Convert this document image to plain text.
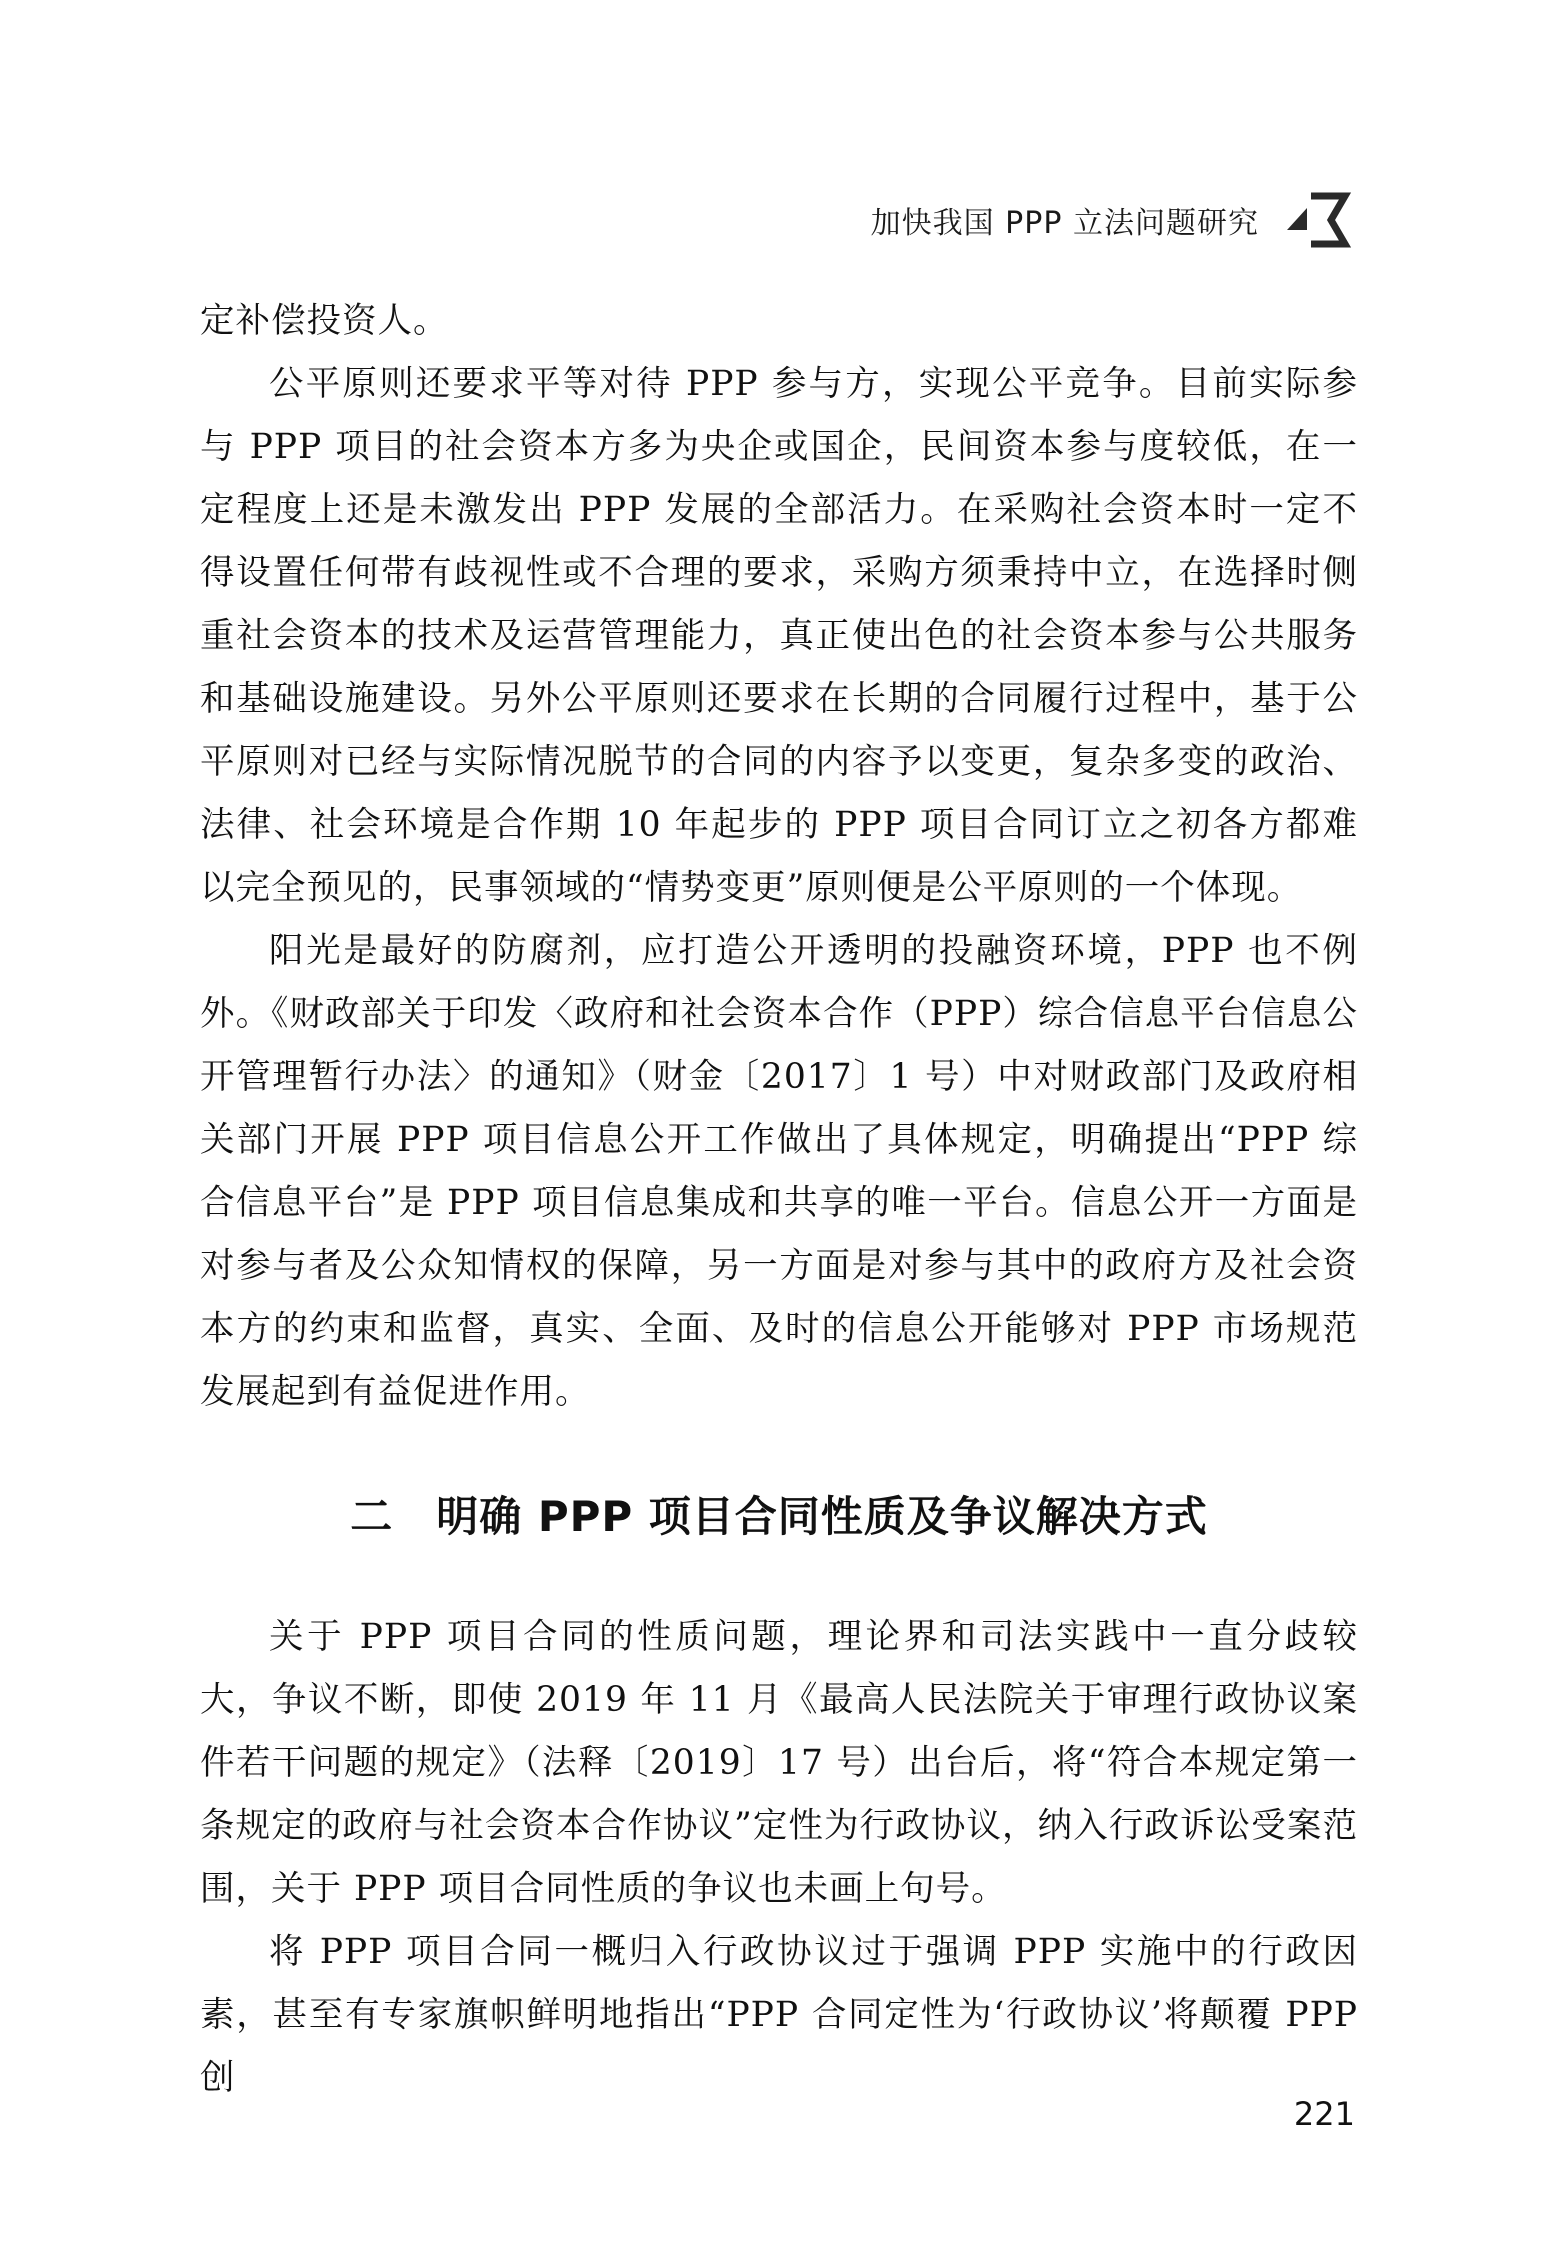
加快我国 PPP 立法问题研究

定补偿投资人。

公平原则还要求平等对待 PPP 参与方，实现公平竞争。目前实际参与 PPP 项目的社会资本方多为央企或国企，民间资本参与度较低，在一定程度上还是未激发出 PPP 发展的全部活力。在采购社会资本时一定不得设置任何带有歧视性或不合理的要求，采购方须秉持中立，在选择时侧重社会资本的技术及运营管理能力，真正使出色的社会资本参与公共服务和基础设施建设。另外公平原则还要求在长期的合同履行过程中，基于公平原则对已经与实际情况脱节的合同的内容予以变更，复杂多变的政治、法律、社会环境是合作期 10 年起步的 PPP 项目合同订立之初各方都难以完全预见的，民事领域的“情势变更”原则便是公平原则的一个体现。

阳光是最好的防腐剂，应打造公开透明的投融资环境，PPP 也不例外。《财政部关于印发〈政府和社会资本合作（PPP）综合信息平台信息公开管理暂行办法〉的通知》（财金〔2017〕1 号）中对财政部门及政府相关部门开展 PPP 项目信息公开工作做出了具体规定，明确提出“PPP 综合信息平台”是 PPP 项目信息集成和共享的唯一平台。信息公开一方面是对参与者及公众知情权的保障，另一方面是对参与其中的政府方及社会资本方的约束和监督，真实、全面、及时的信息公开能够对 PPP 市场规范发展起到有益促进作用。

二　明确 PPP 项目合同性质及争议解决方式

关于 PPP 项目合同的性质问题，理论界和司法实践中一直分歧较大，争议不断，即使 2019 年 11 月《最高人民法院关于审理行政协议案件若干问题的规定》（法释〔2019〕17 号）出台后，将“符合本规定第一条规定的政府与社会资本合作协议”定性为行政协议，纳入行政诉讼受案范围，关于 PPP 项目合同性质的争议也未画上句号。

将 PPP 项目合同一概归入行政协议过于强调 PPP 实施中的行政因素，甚至有专家旗帜鲜明地指出“PPP 合同定性为‘行政协议’将颠覆 PPP 创

221
